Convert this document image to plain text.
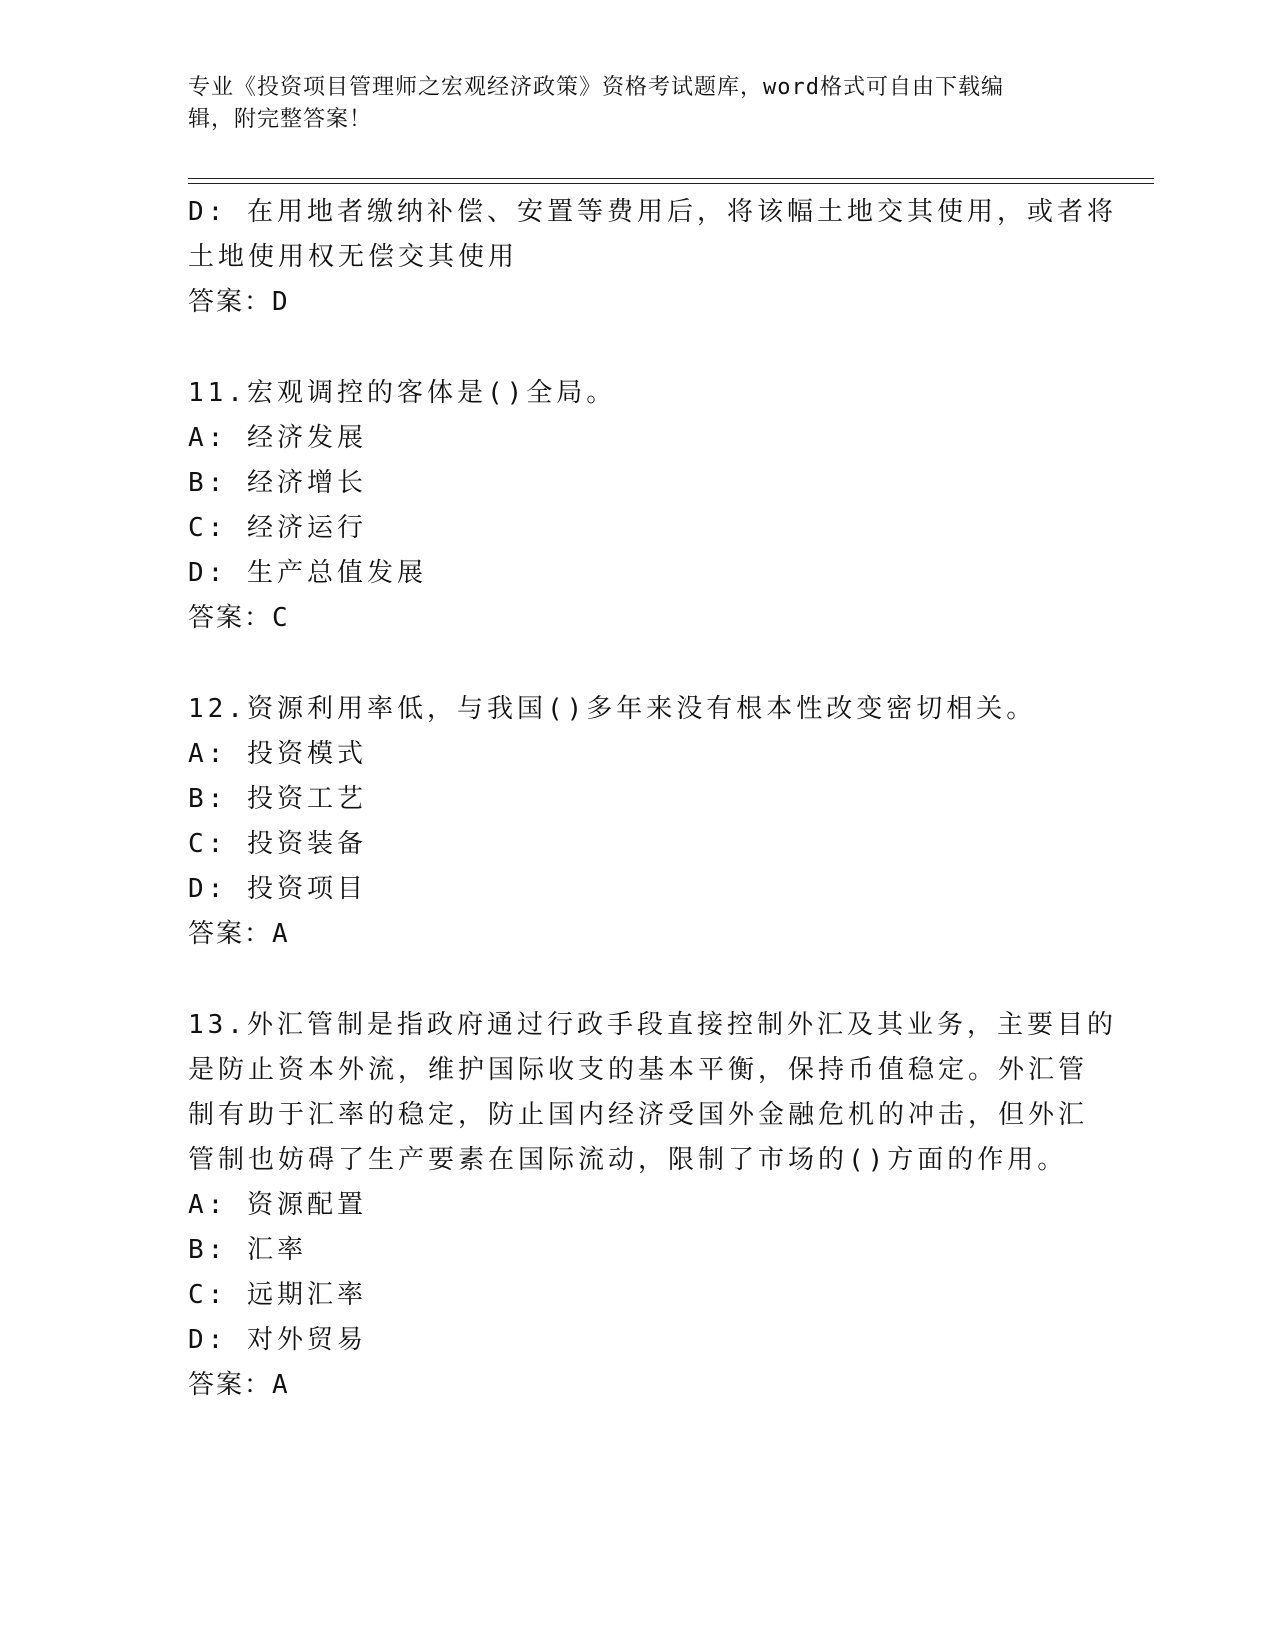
专业《投资项目管理师之宏观经济政策》资格考试题库，word格式可自由下载编
辑，附完整答案！

D: 在用地者缴纳补偿、安置等费用后，将该幅土地交其使用，或者将

土地使用权无偿交其使用

答案：D

11.宏观调控的客体是()全局。

A: 经济发展

B: 经济增长

C: 经济运行

D: 生产总值发展

答案：C

12.资源利用率低，与我国()多年来没有根本性改变密切相关。

A: 投资模式

B: 投资工艺

C: 投资装备

D: 投资项目

答案：A

13.外汇管制是指政府通过行政手段直接控制外汇及其业务，主要目的

是防止资本外流，维护国际收支的基本平衡，保持币值稳定。外汇管

制有助于汇率的稳定，防止国内经济受国外金融危机的冲击，但外汇

管制也妨碍了生产要素在国际流动，限制了市场的()方面的作用。

A: 资源配置

B: 汇率

C: 远期汇率

D: 对外贸易

答案：A
